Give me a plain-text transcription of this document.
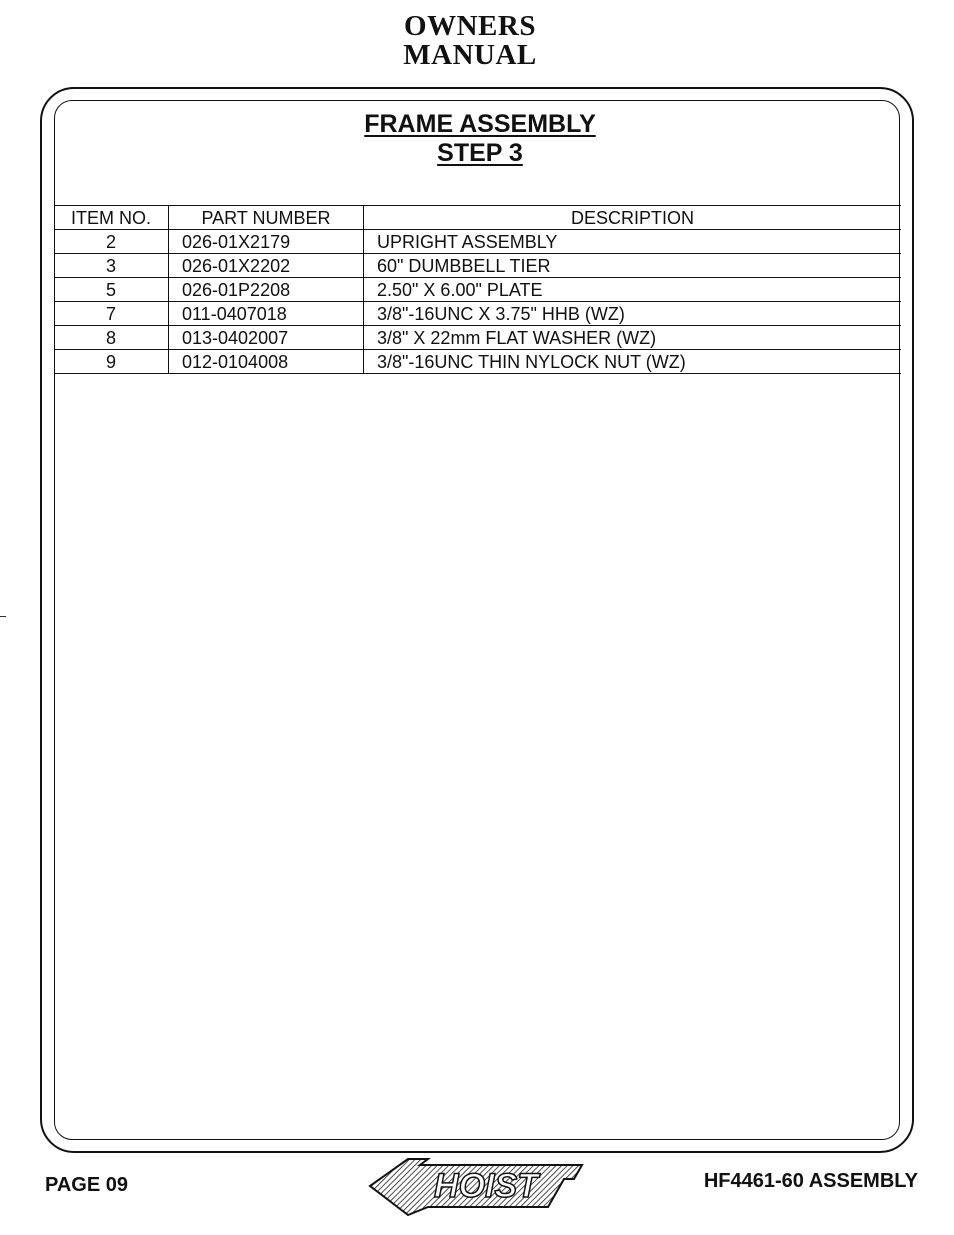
OWNERS
MANUAL
FRAME ASSEMBLY
STEP 3
ITEM NO.	PART NUMBER	DESCRIPTION
2	026-01X2179	UPRIGHT ASSEMBLY
3	026-01X2202	60" DUMBBELL TIER
5	026-01P2208	2.50" X 6.00" PLATE
7	011-0407018	3/8"-16UNC X 3.75" HHB (WZ)
8	013-0402007	3/8" X 22mm FLAT WASHER (WZ)
9	012-0104008	3/8"-16UNC THIN NYLOCK NUT (WZ)
PAGE 09	HOIST	HF4461-60 ASSEMBLY
